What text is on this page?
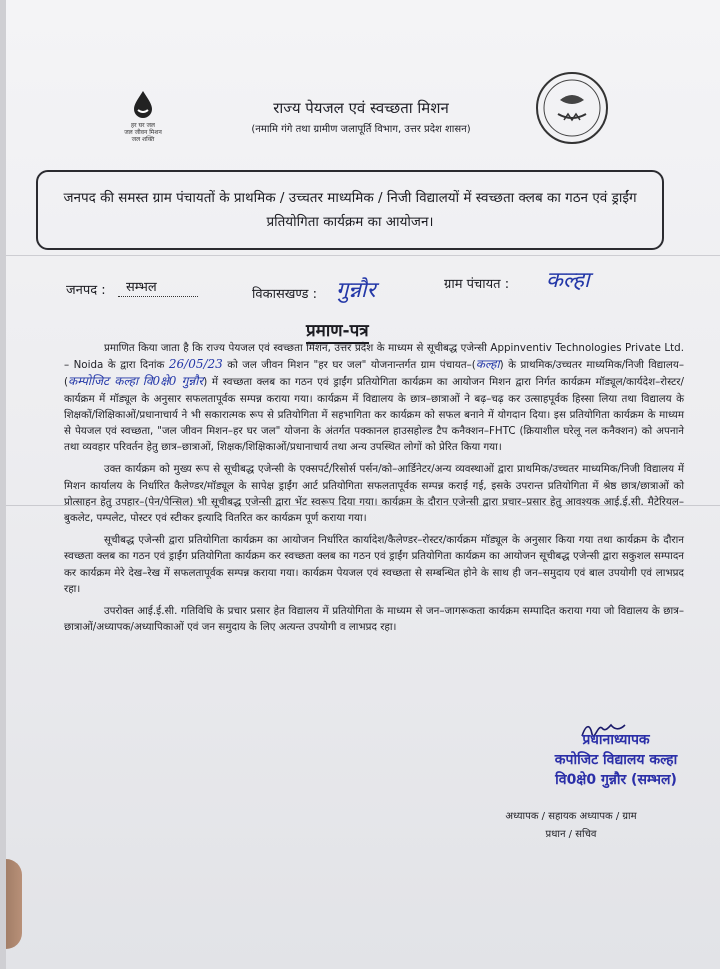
हर घर जल
जल जीवन मिशन
जल शक्ति
राज्य पेयजल एवं स्वच्छता मिशन
(नमामि गंगे तथा ग्रामीण जलापूर्ति विभाग, उत्तर प्रदेश शासन)
जनपद की समस्त ग्राम पंचायतों के प्राथमिक / उच्चतर माध्यमिक / निजी विद्यालयों में स्वच्छता क्लब का गठन एवं ड्राईंग प्रतियोगिता कार्यक्रम का आयोजन।
जनपद : सम्भल	विकासखण्ड : गुन्नौर	ग्राम पंचायत : कल्हा
प्रमाण-पत्र

प्रमाणित किया जाता है कि राज्य पेयजल एवं स्वच्छता मिशन, उत्तर प्रदेश के माध्यम से सूचीबद्ध एजेन्सी Appinventiv Technologies Private Ltd. – Noida के द्वारा दिनांक 26/05/23 को जल जीवन मिशन "हर घर जल" योजनान्तर्गत ग्राम पंचायत–(कल्हा) के प्राथमिक/उच्चतर माध्यमिक/निजी विद्यालय–(कम्पोजिट कल्हा वि0क्षे0 गुन्नौर) में स्वच्छता क्लब का गठन एवं ड्राईंग प्रतियोगिता कार्यक्रम का आयोजन मिशन द्वारा निर्गत कार्यक्रम मॉड्यूल/कार्यदेश–रोस्टर/कार्यक्रम में मॉड्यूल के अनुसार सफलतापूर्वक सम्पन्न कराया गया। कार्यक्रम में विद्यालय के छात्र–छात्राओं ने बढ़–चढ़ कर उत्साहपूर्वक हिस्सा लिया तथा विद्यालय के शिक्षकों/शिक्षिकाओं/प्रधानाचार्य ने भी सकारात्मक रूप से प्रतियोगिता में सहभागिता कर कार्यक्रम को सफल बनाने में योगदान दिया। इस प्रतियोगिता कार्यक्रम के माध्यम से पेयजल एवं स्वच्छता, "जल जीवन मिशन–हर घर जल" योजना के अंतर्गत पक्कानल हाउसहोल्ड टैप कनैक्शन–FHTC (क्रियाशील घरेलू नल कनैक्शन) को अपनाने तथा व्यवहार परिवर्तन हेतु छात्र–छात्राओं, शिक्षक/शिक्षिकाओं/प्रधानाचार्य तथा अन्य उपस्थित लोगों को प्रेरित किया गया।

उक्त कार्यक्रम को मुख्य रूप से सूचीबद्ध एजेन्सी के एक्सपर्ट/रिसोर्स पर्सन/को–आर्डिनेटर/अन्य व्यवस्थाओं द्वारा प्राथमिक/उच्चतर माध्यमिक/निजी विद्यालय में मिशन कार्यालय के निर्धारित कैलेण्डर/मॉड्यूल के सापेक्ष ड्राईंग आर्ट प्रतियोगिता सफलतापूर्वक सम्पन्न कराई गई, इसके उपरान्त प्रतियोगिता में श्रेष्ठ छात्र/छात्राओं को प्रोत्साहन हेतु उपहार–(पेन/पेन्सिल) भी सूचीबद्ध एजेन्सी द्वारा भेंट स्वरूप दिया गया। कार्यक्रम के दौरान एजेन्सी द्वारा प्रचार–प्रसार हेतु आवश्यक आई.ई.सी. मैटेरियल–बुकलेट, पम्पलेट, पोस्टर एवं स्टीकर इत्यादि वितरित कर कार्यक्रम पूर्ण कराया गया।

सूचीबद्ध एजेन्सी द्वारा प्रतियोगिता कार्यक्रम का आयोजन निर्धारित कार्यादेश/कैलेण्डर–रोस्टर/कार्यक्रम मॉड्यूल के अनुसार किया गया तथा कार्यक्रम के दौरान स्वच्छता क्लब का गठन एवं ड्राईंग प्रतियोगिता कार्यक्रम कर स्वच्छता क्लब का गठन एवं ड्राईंग प्रतियोगिता कार्यक्रम का आयोजन सूचीबद्ध एजेन्सी द्वारा सकुशल सम्पादन कर कार्यक्रम मेरे देख–रेख में सफलतापूर्वक सम्पन्न कराया गया। कार्यक्रम पेयजल एवं स्वच्छता से सम्बन्धित होने के साथ ही जन–समुदाय एवं बाल उपयोगी एवं लाभप्रद रहा।

उपरोक्त आई.ई.सी. गतिविधि के प्रचार प्रसार हेत विद्यालय में प्रतियोगिता के माध्यम से जन–जागरूकता कार्यक्रम सम्पादित कराया गया जो विद्यालय के छात्र–छात्राओं/अध्यापक/अध्यापिकाओं एवं जन समुदाय के लिए अत्यन्त उपयोगी व लाभप्रद रहा।

प्रधानाध्यापक
कपोजिट विद्यालय कल्हा
वि0क्षे0 गुन्नौर (सम्भल)
अध्यापक / सहायक अध्यापक / ग्राम
प्रधान / सचिव
